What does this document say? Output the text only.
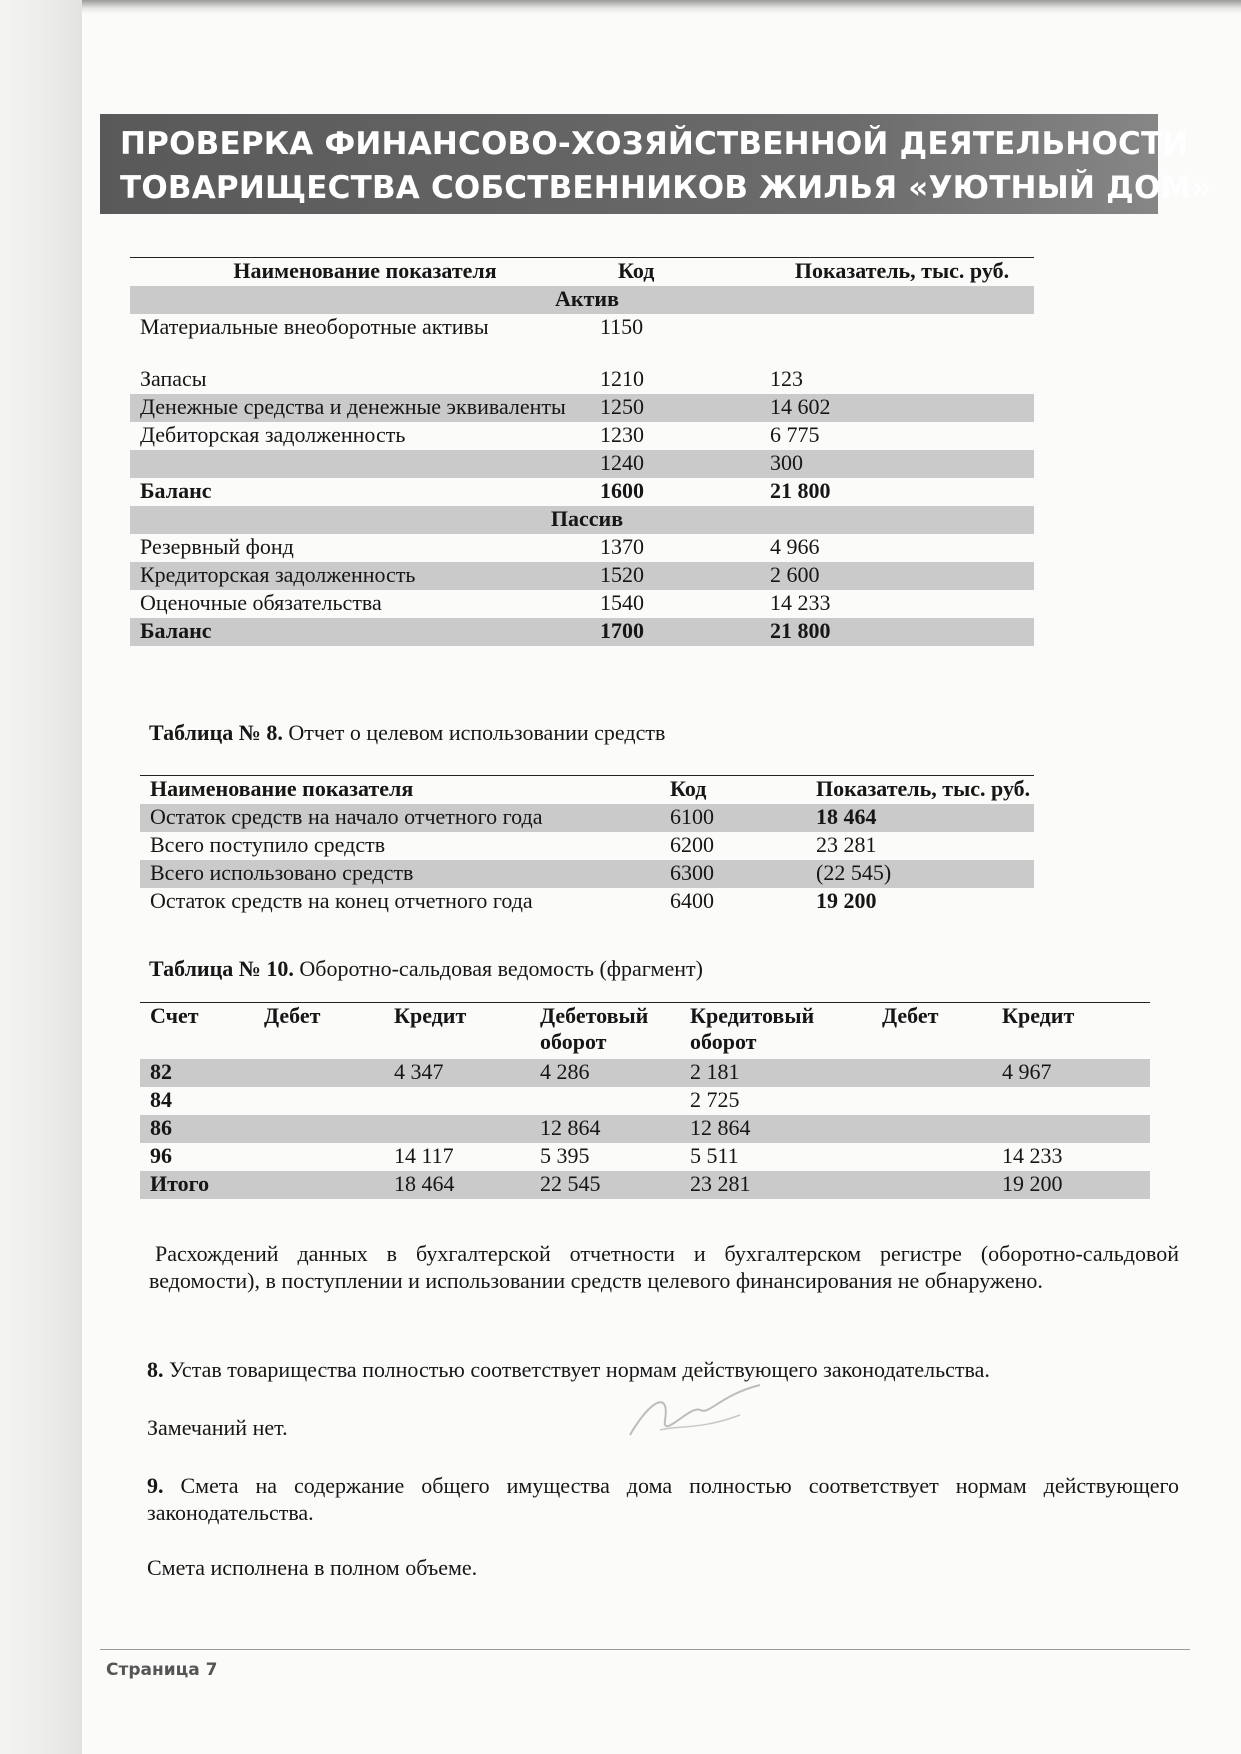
ПРОВЕРКА ФИНАНСОВО-ХОЗЯЙСТВЕННОЙ ДЕЯТЕЛЬНОСТИ
ТОВАРИЩЕСТВА СОБСТВЕННИКОВ ЖИЛЬЯ «УЮТНЫЙ ДОМ»
Наименование показателя	Код	Показатель, тыс. руб.
Актив		
Материальные внеоборотные активы	1150	
Запасы	1210	123
Денежные средства и денежные эквиваленты	1250	14 602
Дебиторская задолженность	1230	6 775
	1240	300
Баланс	1600	21 800
Пассив		
Резервный фонд	1370	4 966
Кредиторская задолженность	1520	2 600
Оценочные обязательства	1540	14 233
Баланс	1700	21 800
Таблица № 8. Отчет о целевом использовании средств
Наименование показателя	Код	Показатель, тыс. руб.
Остаток средств на начало отчетного года	6100	18 464
Всего поступило средств	6200	23 281
Всего использовано средств	6300	(22 545)
Остаток средств на конец отчетного года	6400	19 200
Таблица № 10. Оборотно-сальдовая ведомость (фрагмент)
Счет	Дебет	Кредит	Дебетовый оборот	Кредитовый оборот	Дебет	Кредит
82		4 347	4 286	2 181		4 967
84				2 725		
86			12 864	12 864		
96		14 117	5 395	5 511		14 233
Итого		18 464	22 545	23 281		19 200
Расхождений данных в бухгалтерской отчетности и бухгалтерском регистре (оборотно-сальдовой ведомости), в поступлении и использовании средств целевого финансирования не обнаружено.
8. Устав товарищества полностью соответствует нормам действующего законодательства.
Замечаний нет.
9. Смета на содержание общего имущества дома полностью соответствует нормам действующего законодательства.
Смета исполнена в полном объеме.
Страница 7
